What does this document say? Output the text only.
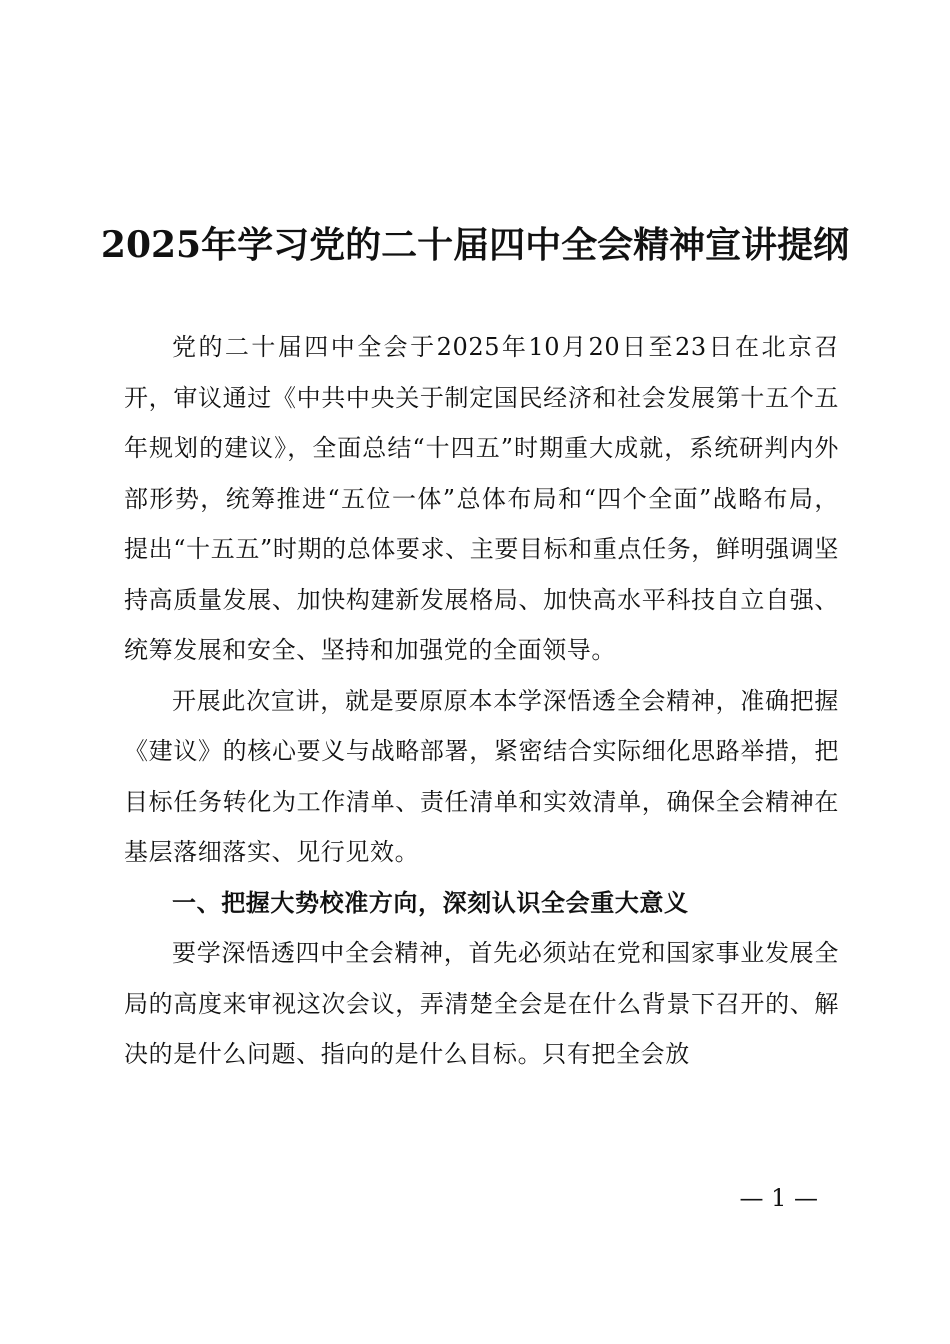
2025年学习党的二十届四中全会精神宣讲提纲

党的二十届四中全会于2025年10月20日至23日在北京召开，审议通过《中共中央关于制定国民经济和社会发展第十五个五年规划的建议》，全面总结“十四五”时期重大成就，系统研判内外部形势，统筹推进“五位一体”总体布局和“四个全面”战略布局，提出“十五五”时期的总体要求、主要目标和重点任务，鲜明强调坚持高质量发展、加快构建新发展格局、加快高水平科技自立自强、统筹发展和安全、坚持和加强党的全面领导。

开展此次宣讲，就是要原原本本学深悟透全会精神，准确把握《建议》的核心要义与战略部署，紧密结合实际细化思路举措，把目标任务转化为工作清单、责任清单和实效清单，确保全会精神在基层落细落实、见行见效。

一、把握大势校准方向，深刻认识全会重大意义

要学深悟透四中全会精神，首先必须站在党和国家事业发展全局的高度来审视这次会议，弄清楚全会是在什么背景下召开的、解决的是什么问题、指向的是什么目标。只有把全会放

— 1 —
